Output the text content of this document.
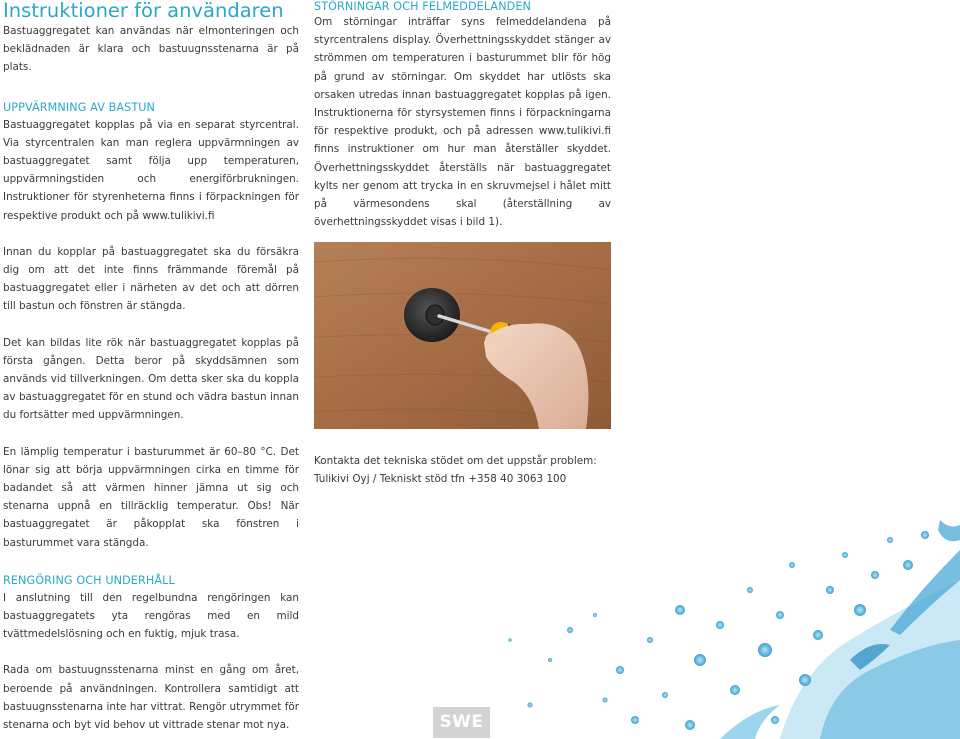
Instruktioner för användaren

Bastuaggregatet kan användas när elmonteringen och beklädnaden är klara och bastuugnsstenarna är på plats.

UPPVÄRMNING AV BASTUN

Bastuaggregatet kopplas på via en separat styrcentral. Via styrcentralen kan man reglera uppvärmningen av bastuaggregatet samt följa upp temperaturen, uppvärmningstiden och energiförbrukningen. Instruktioner för styrenheterna finns i förpackningen för respektive produkt och på www.tulikivi.fi

Innan du kopplar på bastuaggregatet ska du försäkra dig om att det inte finns främmande föremål på bastuaggregatet eller i närheten av det och att dörren till bastun och fönstren är stängda.

Det kan bildas lite rök när bastuaggregatet kopplas på första gången. Detta beror på skyddsämnen som används vid tillverkningen. Om detta sker ska du koppla av bastuaggregatet för en stund och vädra bastun innan du fortsätter med uppvärmningen.

En lämplig temperatur i basturummet är 60–80 °C. Det lönar sig att börja uppvärmningen cirka en timme för badandet så att värmen hinner jämna ut sig och stenarna uppnå en tillräcklig temperatur. Obs! När bastuaggregatet är påkopplat ska fönstren i basturummet vara stängda.

RENGÖRING OCH UNDERHÅLL

I anslutning till den regelbundna rengöringen kan bastuaggregatets yta rengöras med en mild tvättmedelslösning och en fuktig, mjuk trasa.

Rada om bastuugnsstenarna minst en gång om året, beroende på användningen. Kontrollera samtidigt att bastuugnsstenarna inte har vittrat. Rengör utrymmet för stenarna och byt vid behov ut vittrade stenar mot nya.

STÖRNINGAR OCH FELMEDDELANDEN

Om störningar inträffar syns felmeddelandena på styrcentralens display. Överhettningsskyddet stänger av strömmen om temperaturen i basturummet blir för hög på grund av störningar. Om skyddet har utlösts ska orsaken utredas innan bastuaggregatet kopplas på igen. Instruktionerna för styrsystemen finns i förpackningarna för respektive produkt, och på adressen www.tulikivi.fi finns instruktioner om hur man återställer skyddet. Överhettningsskyddet återställs när bastuaggregatet kylts ner genom att trycka in en skruvmejsel i hålet mitt på värmesondens skal (återställning av överhettningsskyddet visas i bild 1).

Kontakta det tekniska stödet om det uppstår problem:

Tulikivi Oyj / Tekniskt stöd tfn +358 40 3063 100

SWE
